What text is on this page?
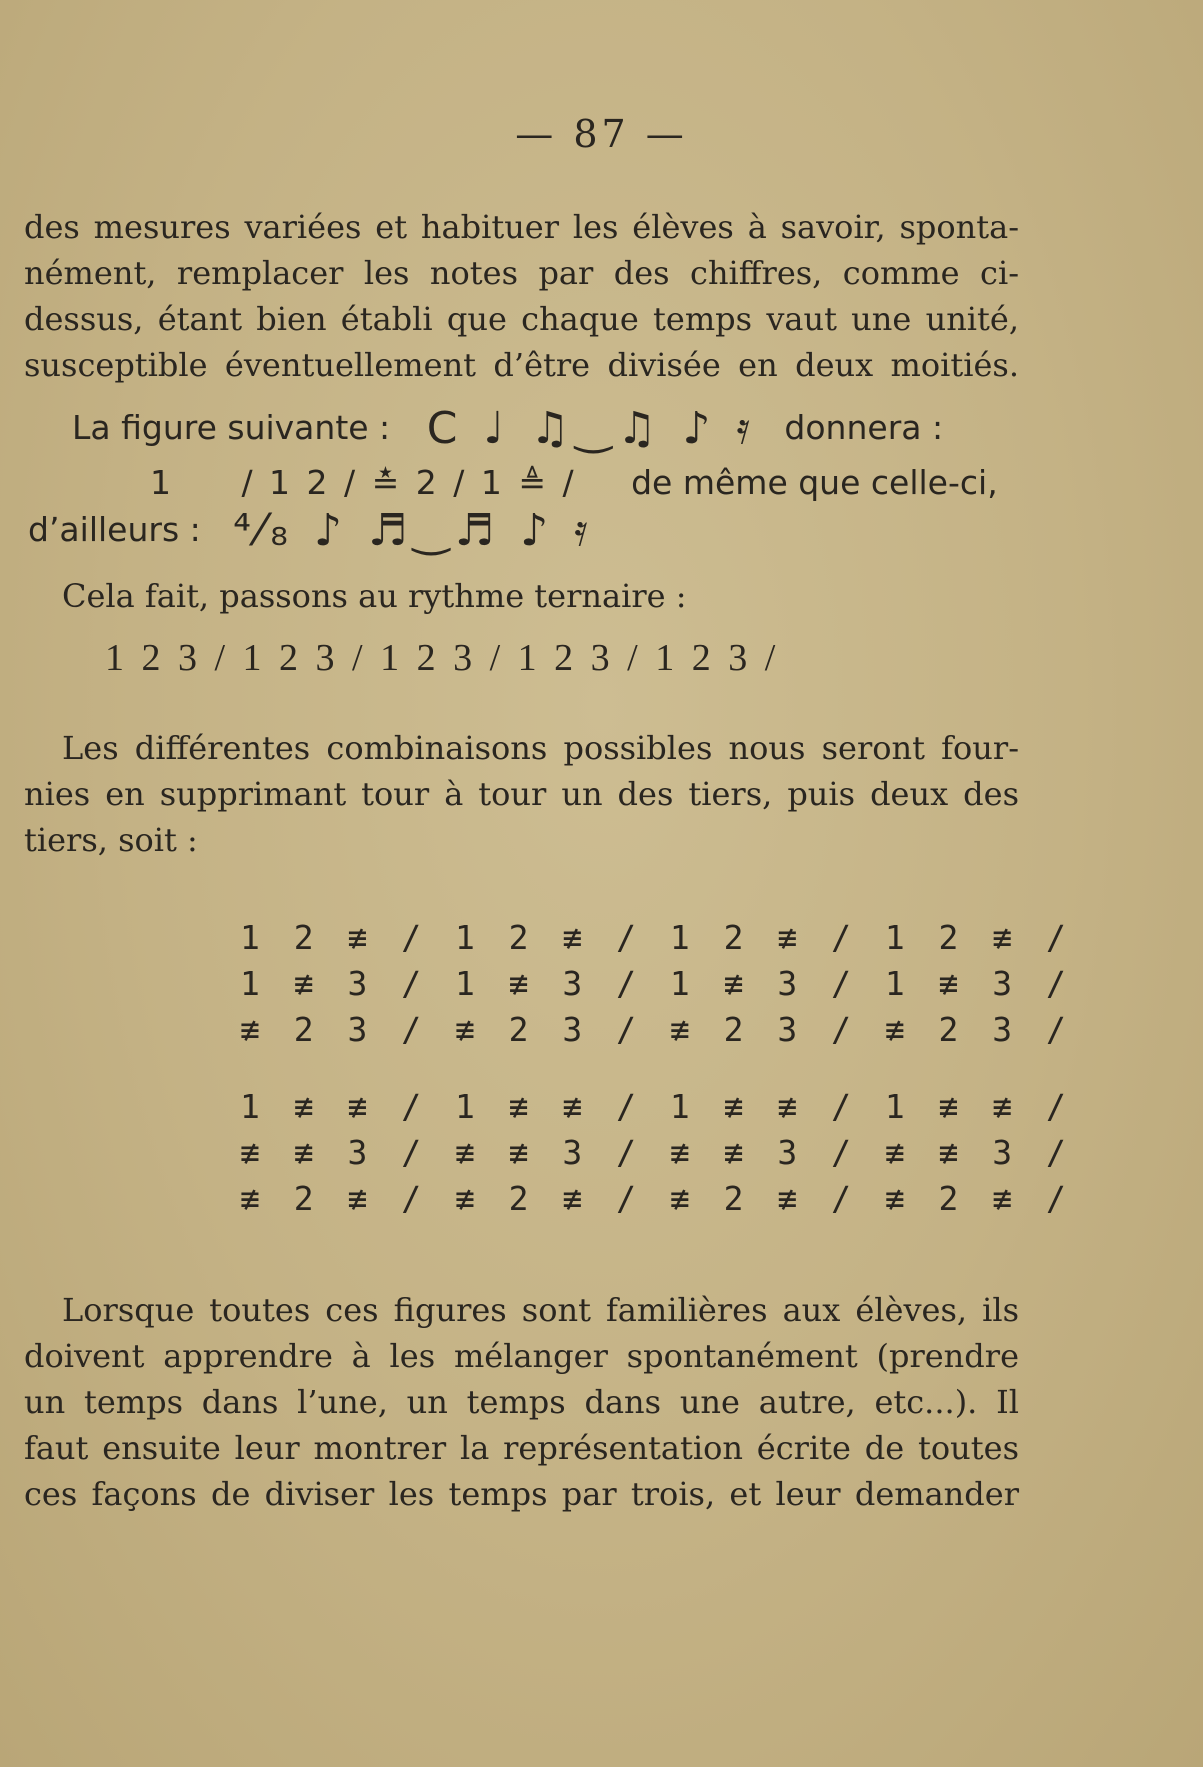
— 87 —
des mesures variées et habituer les élèves à savoir, sponta-
nément, remplacer les notes par des chiffres, comme ci-
dessus, étant bien établi que chaque temps vaut une unité,
susceptible éventuellement d’être divisée en deux moitiés.
La figure suivante : C ♩ ♫‿♫ ♪ 𝄿 donnera :
1     / 1 2 / ≛ 2 / 1 ≜ / de même que celle-ci,
d’ailleurs : ⁴⁄₈ ♪ ♬‿♬ ♪ 𝄿
Cela fait, passons au rythme ternaire :
1 2 3 / 1 2 3 / 1 2 3 / 1 2 3 / 1 2 3 /
Les différentes combinaisons possibles nous seront four-
nies en supprimant tour à tour un des tiers, puis deux des
tiers, soit :
1 2 ≢ / 1 2 ≢ / 1 2 ≢ / 1 2 ≢ /
1 ≢ 3 / 1 ≢ 3 / 1 ≢ 3 / 1 ≢ 3 /
≢ 2 3 / ≢ 2 3 / ≢ 2 3 / ≢ 2 3 /
1 ≢ ≢ / 1 ≢ ≢ / 1 ≢ ≢ / 1 ≢ ≢ /
≢ ≢ 3 / ≢ ≢ 3 / ≢ ≢ 3 / ≢ ≢ 3 /
≢ 2 ≢ / ≢ 2 ≢ / ≢ 2 ≢ / ≢ 2 ≢ /
Lorsque toutes ces figures sont familières aux élèves, ils
doivent apprendre à les mélanger spontanément (prendre
un temps dans l’une, un temps dans une autre, etc...). Il
faut ensuite leur montrer la représentation écrite de toutes
ces façons de diviser les temps par trois, et leur demander
